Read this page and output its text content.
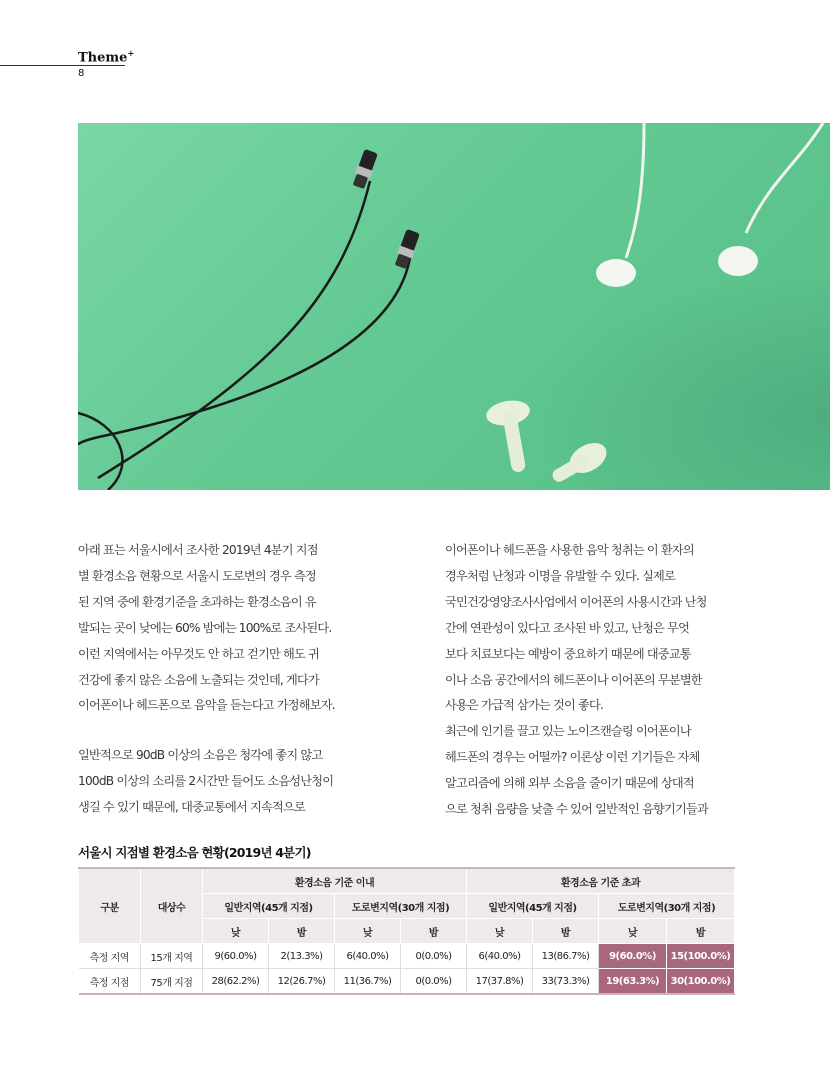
Theme+
8

아래 표는 서울시에서 조사한 2019년 4분기 지점

별 환경소음 현황으로 서울시 도로변의 경우 측정

된 지역 중에 환경기준을 초과하는 환경소음이 유

발되는 곳이 낮에는 60% 밤에는 100%로 조사된다.

이런 지역에서는 아무것도 안 하고 걷기만 해도 귀

건강에 좋지 않은 소음에 노출되는 것인데, 게다가

이어폰이나 헤드폰으로 음악을 듣는다고 가정해보자.

일반적으로 90dB 이상의 소음은 청각에 좋지 않고

100dB 이상의 소리를 2시간만 들어도 소음성난청이

생길 수 있기 때문에, 대중교통에서 지속적으로

이어폰이나 헤드폰을 사용한 음악 청취는 이 환자의

경우처럼 난청과 이명을 유발할 수 있다. 실제로

국민건강영양조사사업에서 이어폰의 사용시간과 난청

간에 연관성이 있다고 조사된 바 있고, 난청은 무엇

보다 치료보다는 예방이 중요하기 때문에 대중교통

이나 소음 공간에서의 헤드폰이나 이어폰의 무분별한

사용은 가급적 삼가는 것이 좋다.

최근에 인기를 끌고 있는 노이즈캔슬링 이어폰이나

헤드폰의 경우는 어떨까? 이론상 이런 기기들은 자체

알고리즘에 의해 외부 소음을 줄이기 때문에 상대적

으로 청취 음량을 낮출 수 있어 일반적인 음향기기들과

서울시 지점별 환경소음 현황(2019년 4분기)
구분	대상수	환경소음 기준 이내				환경소음 기준 초과			
		일반지역(45개 지점)		도로변지역(30개 지점)		일반지역(45개 지점)		도로변지역(30개 지점)	
		낮	밤	낮	밤	낮	밤	낮	밤
측정 지역	15개 지역	9(60.0%)	2(13.3%)	6(40.0%)	0(0.0%)	6(40.0%)	13(86.7%)	9(60.0%)	15(100.0%)
측정 지점	75개 지점	28(62.2%)	12(26.7%)	11(36.7%)	0(0.0%)	17(37.8%)	33(73.3%)	19(63.3%)	30(100.0%)
